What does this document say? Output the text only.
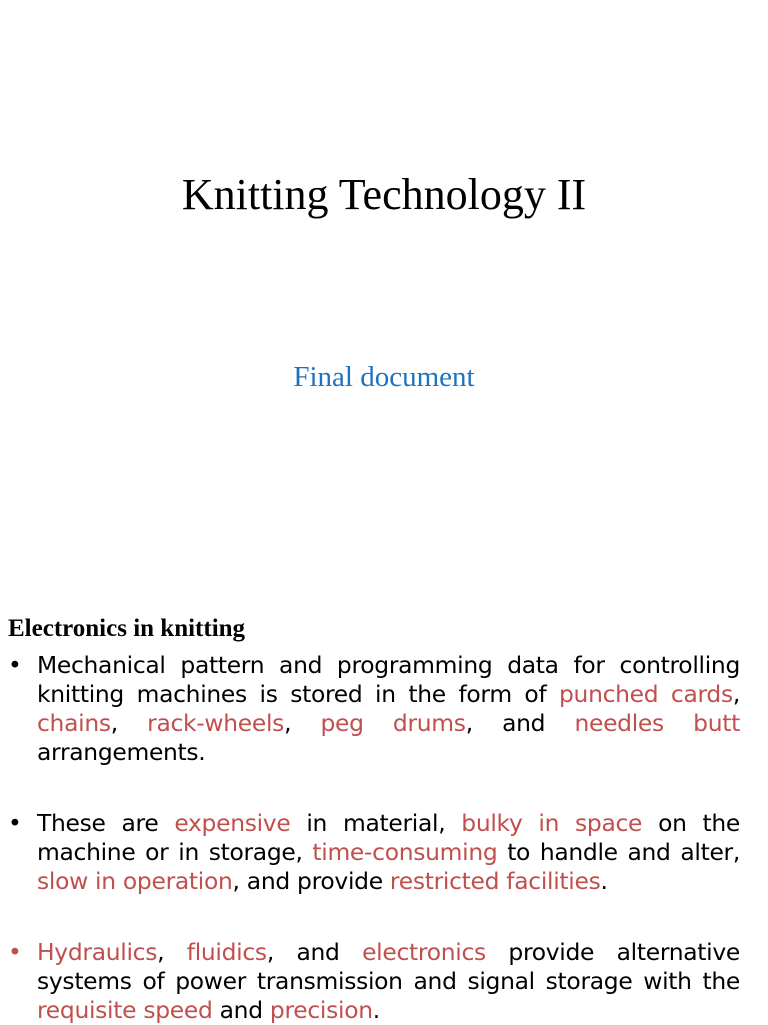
Knitting Technology II

Final document

Electronics in knitting
• Mechanical pattern and programming data for controlling knitting machines is stored in the form of punched cards, chains, rack-wheels, peg drums, and needles butt arrangements.
• These are expensive in material, bulky in space on the machine or in storage, time-consuming to handle and alter, slow in operation, and provide restricted facilities.
• Hydraulics, fluidics, and electronics provide alternative systems of power transmission and signal storage with the requisite speed and precision.
